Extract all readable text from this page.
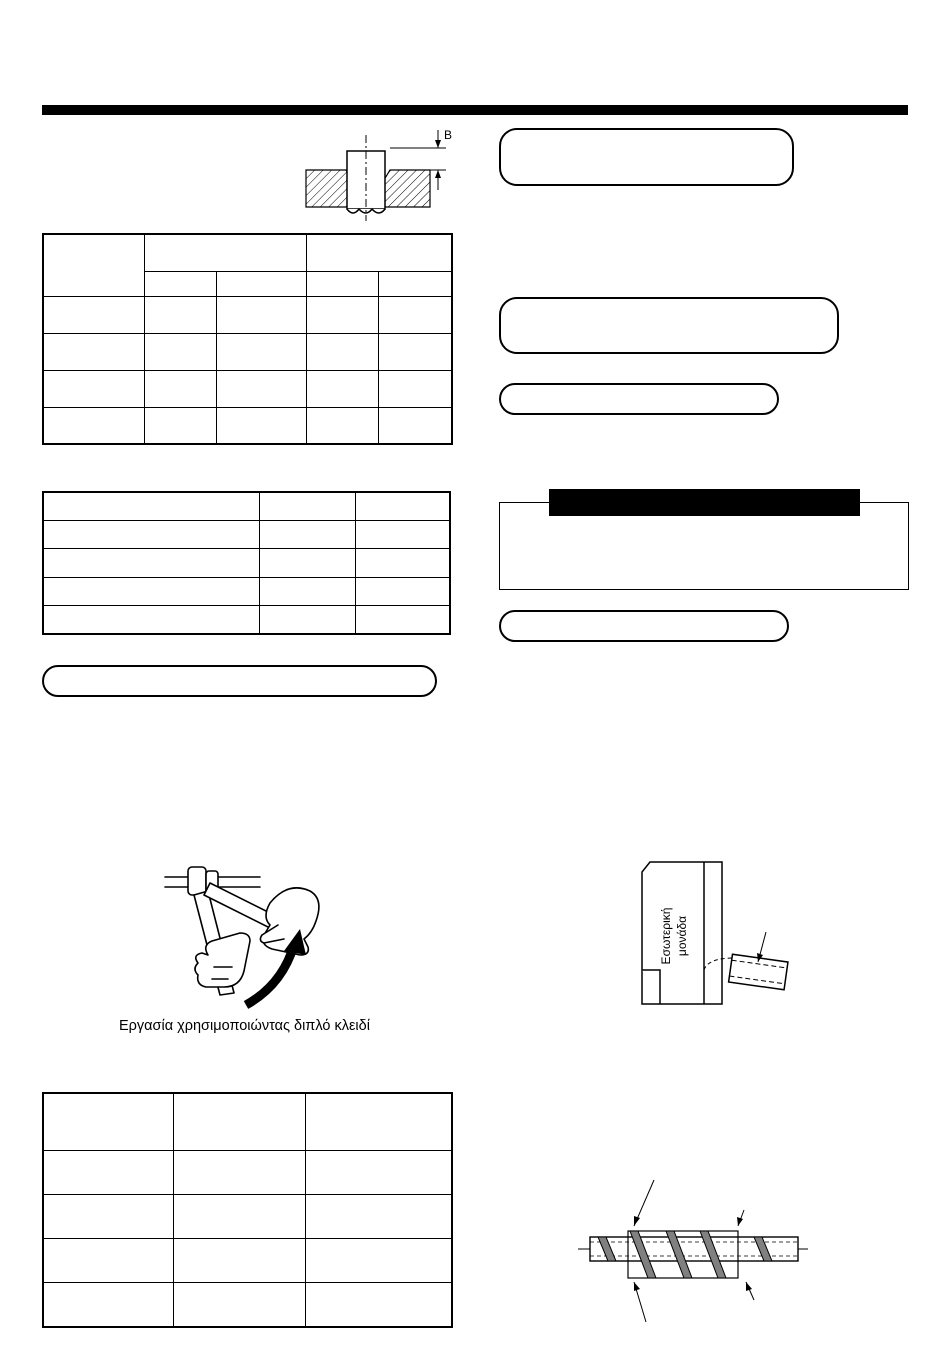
B

Εργασία χρησιμοποιώντας διπλό κλειδί

Εσωτερική μονάδα
